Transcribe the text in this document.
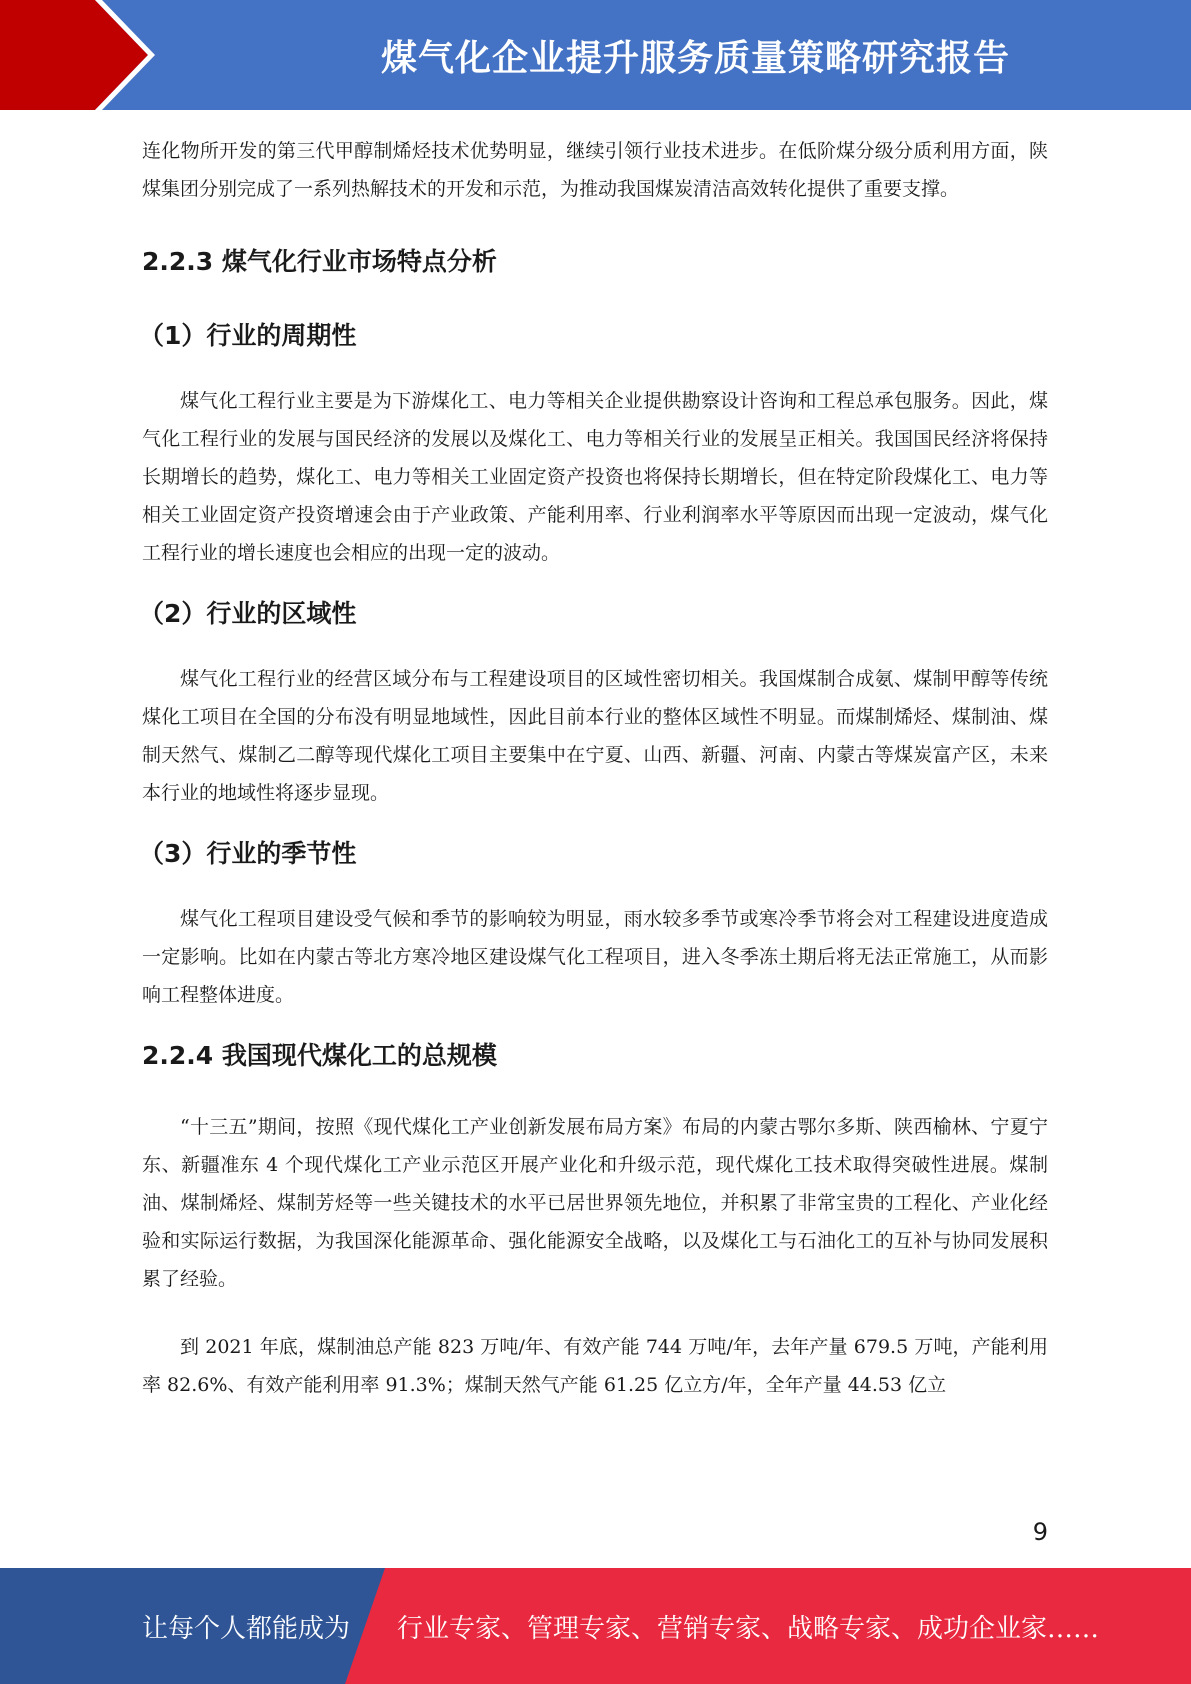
煤气化企业提升服务质量策略研究报告

连化物所开发的第三代甲醇制烯烃技术优势明显，继续引领行业技术进步。在低阶煤分级分质利用方面，陕煤集团分别完成了一系列热解技术的开发和示范，为推动我国煤炭清洁高效转化提供了重要支撑。

2.2.3 煤气化行业市场特点分析
（1）行业的周期性

煤气化工程行业主要是为下游煤化工、电力等相关企业提供勘察设计咨询和工程总承包服务。因此，煤气化工程行业的发展与国民经济的发展以及煤化工、电力等相关行业的发展呈正相关。我国国民经济将保持长期增长的趋势，煤化工、电力等相关工业固定资产投资也将保持长期增长，但在特定阶段煤化工、电力等相关工业固定资产投资增速会由于产业政策、产能利用率、行业利润率水平等原因而出现一定波动，煤气化工程行业的增长速度也会相应的出现一定的波动。

（2）行业的区域性

煤气化工程行业的经营区域分布与工程建设项目的区域性密切相关。我国煤制合成氨、煤制甲醇等传统煤化工项目在全国的分布没有明显地域性，因此目前本行业的整体区域性不明显。而煤制烯烃、煤制油、煤制天然气、煤制乙二醇等现代煤化工项目主要集中在宁夏、山西、新疆、河南、内蒙古等煤炭富产区，未来本行业的地域性将逐步显现。

（3）行业的季节性

煤气化工程项目建设受气候和季节的影响较为明显，雨水较多季节或寒冷季节将会对工程建设进度造成一定影响。比如在内蒙古等北方寒冷地区建设煤气化工程项目，进入冬季冻土期后将无法正常施工，从而影响工程整体进度。

2.2.4 我国现代煤化工的总规模

“十三五”期间，按照《现代煤化工产业创新发展布局方案》布局的内蒙古鄂尔多斯、陕西榆林、宁夏宁东、新疆准东 4 个现代煤化工产业示范区开展产业化和升级示范，现代煤化工技术取得突破性进展。煤制油、煤制烯烃、煤制芳烃等一些关键技术的水平已居世界领先地位，并积累了非常宝贵的工程化、产业化经验和实际运行数据，为我国深化能源革命、强化能源安全战略，以及煤化工与石油化工的互补与协同发展积累了经验。

到 2021 年底，煤制油总产能 823 万吨/年、有效产能 744 万吨/年，去年产量 679.5 万吨，产能利用率 82.6%、有效产能利用率 91.3%；煤制天然气产能 61.25 亿立方/年，全年产量 44.53 亿立

9
让每个人都能成为 行业专家、管理专家、营销专家、战略专家、成功企业家……
